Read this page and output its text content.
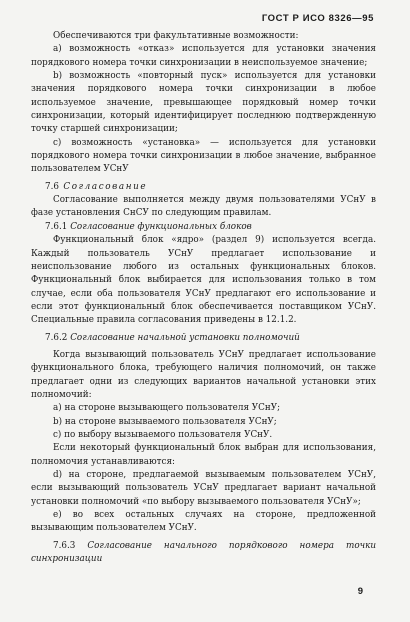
ГОСТ Р ИСО 8326—95

Обеспечиваются три факультативные возможности:

a) возможность «отказ» используется для установки значения порядкового номера точки синхронизации в неиспользуемое значение;

b) возможность «повторный пуск» используется для установки значения порядкового номера точки синхронизации в любое используемое значение, превышающее порядковый номер точки синхронизации, который идентифицирует последнюю подтвержденную точку старшей синхронизации;

c) возможность «установка» — используется для установки порядкового номера точки синхронизации в любое значение, выбранное пользователем УСнУ

7.6 Согласование

Согласование выполняется между двумя пользователями УСнУ в фазе установления СнСУ по следующим правилам.

7.6.1 Согласование функциональных блоков

Функциональный блок «ядро» (раздел 9) используется всегда. Каждый пользователь УСнУ предлагает использование и неиспользование любого из остальных функциональных блоков. Функциональный блок выбирается для использования только в том случае, если оба пользователя УСнУ предлагают его использование и если этот функциональный блок обеспечивается поставщиком УСнУ. Специальные правила согласования приведены в 12.1.2.

7.6.2 Согласование начальной установки полномочий

Когда вызывающий пользователь УСнУ предлагает использование функционального блока, требующего наличия полномочий, он также предлагает одни из следующих вариантов начальной установки этих полномочий:

a) на стороне вызывающего пользователя УСнУ;

b) на стороне вызываемого пользователя УСнУ;

c) по выбору вызываемого пользователя УСнУ.

Если некоторый функциональный блок выбран для использования, полномочия устанавливаются:

d) на стороне, предлагаемой вызываемым пользователем УСнУ, если вызывающий пользователь УСнУ предлагает вариант начальной установки полномочий «по выбору вызываемого пользователя УСнУ»;

e) во всех остальных случаях на стороне, предложенной вызывающим пользователем УСнУ.

7.6.3 Согласование начального порядкового номера точки синхронизации

9
